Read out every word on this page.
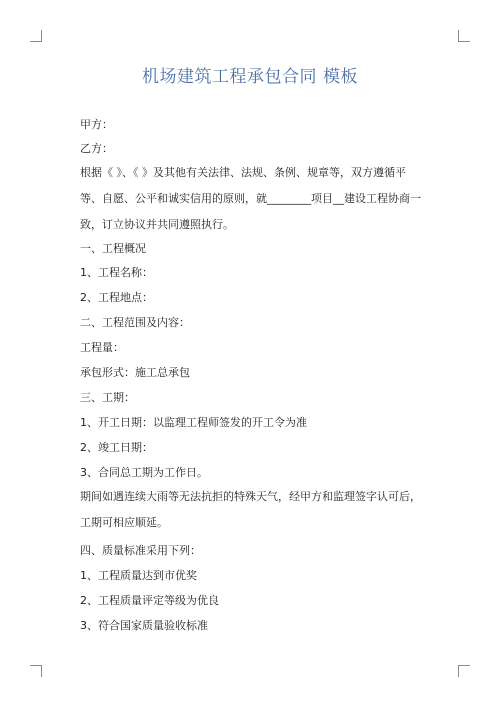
机场建筑工程承包合同 模板
甲方：
乙方：
根据《 》、《 》及其他有关法律、法规、条例、规章等，双方遵循平等、自愿、公平和诚实信用的原则，就________项目__建设工程协商一致，订立协议并共同遵照执行。
一、工程概况
1、工程名称：
2、工程地点：
二、工程范围及内容：
工程量：
承包形式：施工总承包
三、工期：
1、开工日期：以监理工程师签发的开工令为准
2、竣工日期：
3、合同总工期为工作日。
期间如遇连续大雨等无法抗拒的特殊天气，经甲方和监理签字认可后，工期可相应顺延。
四、质量标准采用下列：
1、工程质量达到市优奖
2、工程质量评定等级为优良
3、符合国家质量验收标准
